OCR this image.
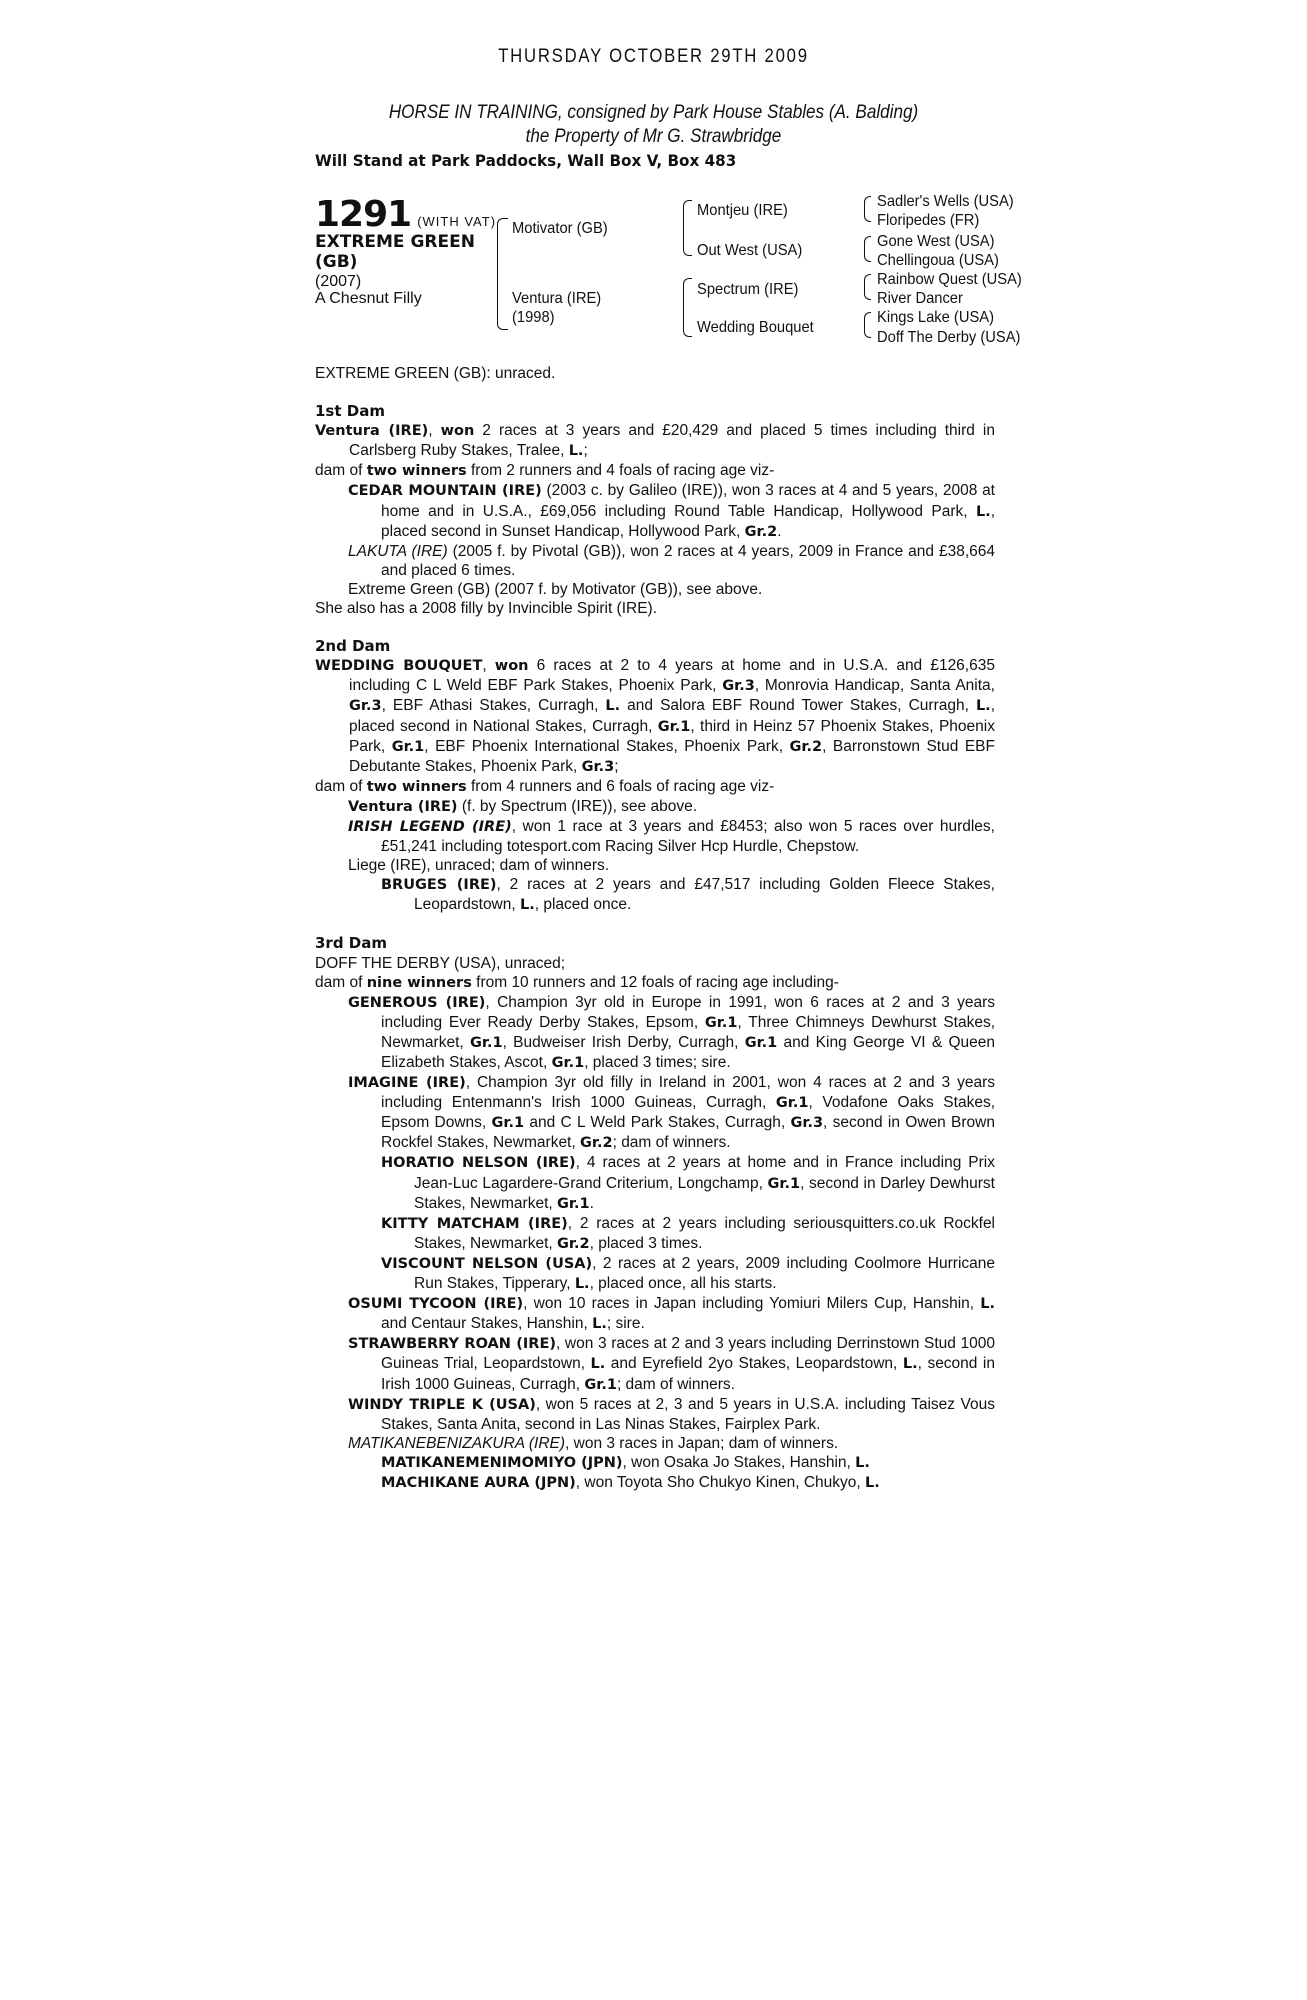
THURSDAY OCTOBER 29TH 2009
HORSE IN TRAINING, consigned by Park House Stables (A. Balding)
the Property of Mr G. Strawbridge
Will Stand at Park Paddocks, Wall Box V, Box 483
1291 (WITH VAT)
EXTREME GREEN (GB)
(2007)
A Chesnut Filly
Motivator (GB)
Ventura (IRE)
(1998)
Montjeu (IRE)
Out West (USA)
Spectrum (IRE)
Wedding Bouquet
Sadler's Wells (USA)
Floripedes (FR)
Gone West (USA)
Chellingoua (USA)
Rainbow Quest (USA)
River Dancer
Kings Lake (USA)
Doff The Derby (USA)

EXTREME GREEN (GB): unraced.

1st Dam

Ventura (IRE), won 2 races at 3 years and £20,429 and placed 5 times including third in Carlsberg Ruby Stakes, Tralee, L.;

dam of two winners from 2 runners and 4 foals of racing age viz-

CEDAR MOUNTAIN (IRE) (2003 c. by Galileo (IRE)), won 3 races at 4 and 5 years, 2008 at home and in U.S.A., £69,056 including Round Table Handicap, Hollywood Park, L., placed second in Sunset Handicap, Hollywood Park, Gr.2.

LAKUTA (IRE) (2005 f. by Pivotal (GB)), won 2 races at 4 years, 2009 in France and £38,664 and placed 6 times.

Extreme Green (GB) (2007 f. by Motivator (GB)), see above.

She also has a 2008 filly by Invincible Spirit (IRE).

2nd Dam

WEDDING BOUQUET, won 6 races at 2 to 4 years at home and in U.S.A. and £126,635 including C L Weld EBF Park Stakes, Phoenix Park, Gr.3, Monrovia Handicap, Santa Anita, Gr.3, EBF Athasi Stakes, Curragh, L. and Salora EBF Round Tower Stakes, Curragh, L., placed second in National Stakes, Curragh, Gr.1, third in Heinz 57 Phoenix Stakes, Phoenix Park, Gr.1, EBF Phoenix International Stakes, Phoenix Park, Gr.2, Barronstown Stud EBF Debutante Stakes, Phoenix Park, Gr.3;

dam of two winners from 4 runners and 6 foals of racing age viz-

Ventura (IRE) (f. by Spectrum (IRE)), see above.

IRISH LEGEND (IRE), won 1 race at 3 years and £8453; also won 5 races over hurdles, £51,241 including totesport.com Racing Silver Hcp Hurdle, Chepstow.

Liege (IRE), unraced; dam of winners.

BRUGES (IRE), 2 races at 2 years and £47,517 including Golden Fleece Stakes, Leopardstown, L., placed once.

3rd Dam

DOFF THE DERBY (USA), unraced;

dam of nine winners from 10 runners and 12 foals of racing age including-

GENEROUS (IRE), Champion 3yr old in Europe in 1991, won 6 races at 2 and 3 years including Ever Ready Derby Stakes, Epsom, Gr.1, Three Chimneys Dewhurst Stakes, Newmarket, Gr.1, Budweiser Irish Derby, Curragh, Gr.1 and King George VI & Queen Elizabeth Stakes, Ascot, Gr.1, placed 3 times; sire.

IMAGINE (IRE), Champion 3yr old filly in Ireland in 2001, won 4 races at 2 and 3 years including Entenmann's Irish 1000 Guineas, Curragh, Gr.1, Vodafone Oaks Stakes, Epsom Downs, Gr.1 and C L Weld Park Stakes, Curragh, Gr.3, second in Owen Brown Rockfel Stakes, Newmarket, Gr.2; dam of winners.

HORATIO NELSON (IRE), 4 races at 2 years at home and in France including Prix Jean-Luc Lagardere-Grand Criterium, Longchamp, Gr.1, second in Darley Dewhurst Stakes, Newmarket, Gr.1.

KITTY MATCHAM (IRE), 2 races at 2 years including seriousquitters.co.uk Rockfel Stakes, Newmarket, Gr.2, placed 3 times.

VISCOUNT NELSON (USA), 2 races at 2 years, 2009 including Coolmore Hurricane Run Stakes, Tipperary, L., placed once, all his starts.

OSUMI TYCOON (IRE), won 10 races in Japan including Yomiuri Milers Cup, Hanshin, L. and Centaur Stakes, Hanshin, L.; sire.

STRAWBERRY ROAN (IRE), won 3 races at 2 and 3 years including Derrinstown Stud 1000 Guineas Trial, Leopardstown, L. and Eyrefield 2yo Stakes, Leopardstown, L., second in Irish 1000 Guineas, Curragh, Gr.1; dam of winners.

WINDY TRIPLE K (USA), won 5 races at 2, 3 and 5 years in U.S.A. including Taisez Vous Stakes, Santa Anita, second in Las Ninas Stakes, Fairplex Park.

MATIKANEBENIZAKURA (IRE), won 3 races in Japan; dam of winners.

MATIKANEMENIMOMIYO (JPN), won Osaka Jo Stakes, Hanshin, L.

MACHIKANE AURA (JPN), won Toyota Sho Chukyo Kinen, Chukyo, L.
